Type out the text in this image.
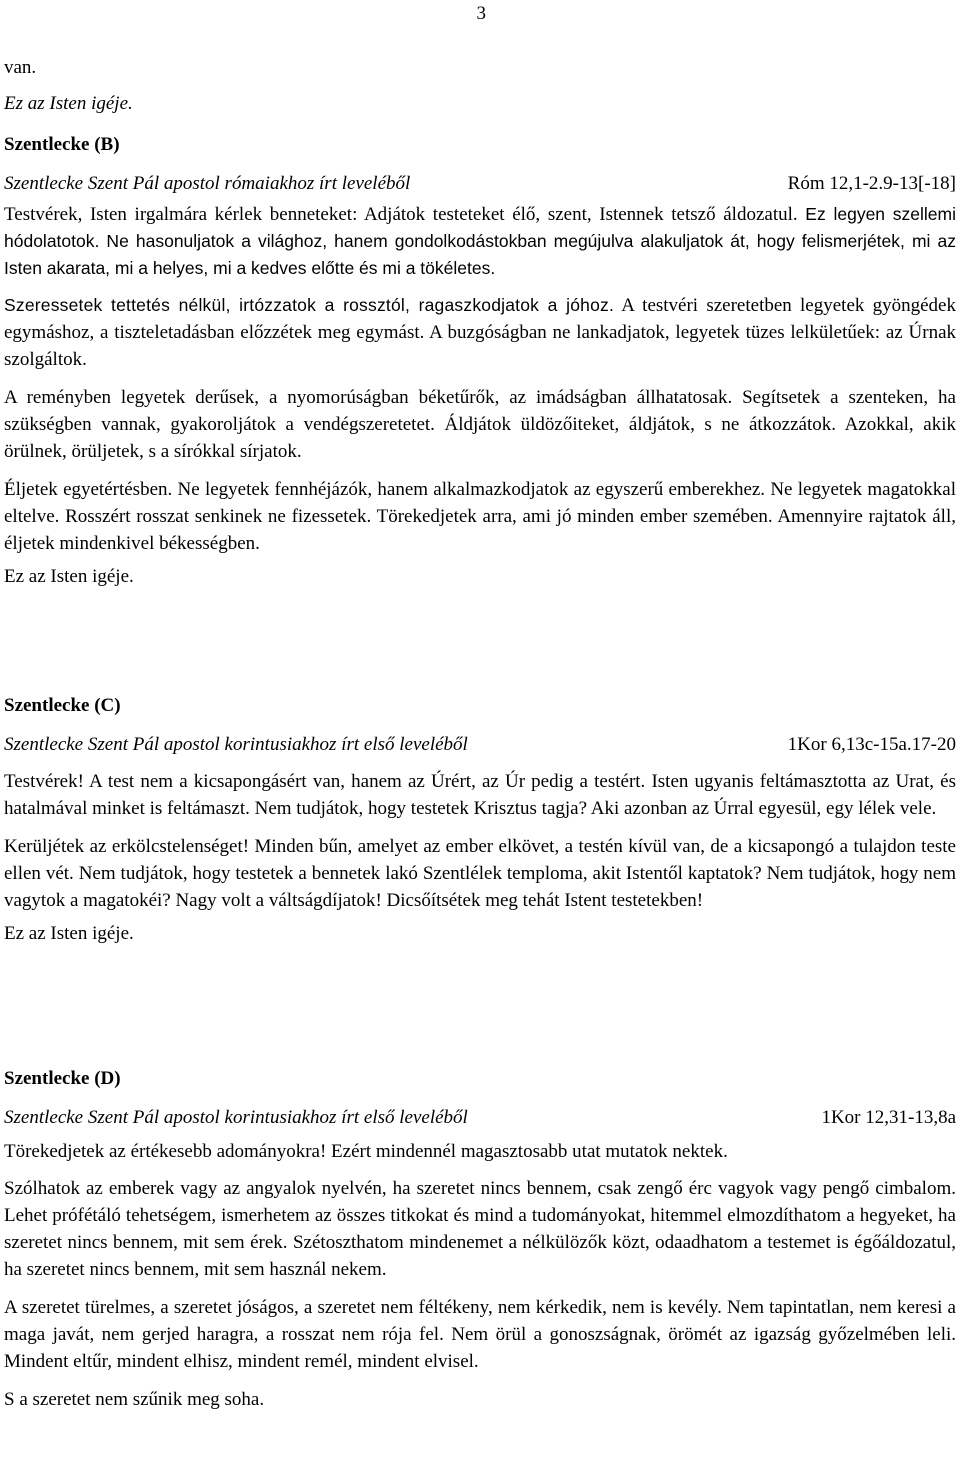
3

van.

Ez az Isten igéje.

Szentlecke (B)

Szentlecke Szent Pál apostol rómaiakhoz írt leveléből	Róm 12,1-2.9-13[-18]

Testvérek, Isten irgalmára kérlek benneteket: Adjátok testeteket élő, szent, Istennek tetsző áldozatul. Ez legyen szellemi hódolatotok. Ne hasonuljatok a világhoz, hanem gondolkodástokban megújulva alakuljatok át, hogy felismerjétek, mi az Isten akarata, mi a helyes, mi a kedves előtte és mi a tökéletes.

Szeressetek tettetés nélkül, irtózzatok a rossztól, ragaszkodjatok a jóhoz. A testvéri szeretetben legyetek gyöngédek egymáshoz, a tiszteletadásban előzzétek meg egymást. A buzgóságban ne lankadjatok, legyetek tüzes lelkületűek: az Úrnak szolgáltok.

A reményben legyetek derűsek, a nyomorúságban béketűrők, az imádságban állhatatosak. Segítsetek a szenteken, ha szükségben vannak, gyakoroljátok a vendégszeretetet. Áldjátok üldözőiteket, áldjátok, s ne átkozzátok. Azokkal, akik örülnek, örüljetek, s a sírókkal sírjatok.

Éljetek egyetértésben. Ne legyetek fennhéjázók, hanem alkalmazkodjatok az egyszerű emberekhez. Ne legyetek magatokkal eltelve. Rosszért rosszat senkinek ne fizessetek. Törekedjetek arra, ami jó minden ember szemében. Amennyire rajtatok áll, éljetek mindenkivel békességben.

Ez az Isten igéje.

Szentlecke (C)

Szentlecke Szent Pál apostol korintusiakhoz írt első leveléből	1Kor 6,13c-15a.17-20

Testvérek! A test nem a kicsapongásért van, hanem az Úrért, az Úr pedig a testért. Isten ugyanis feltámasztotta az Urat, és hatalmával minket is feltámaszt. Nem tudjátok, hogy testetek Krisztus tagja? Aki azonban az Úrral egyesül, egy lélek vele.

Kerüljétek az erkölcstelenséget! Minden bűn, amelyet az ember elkövet, a testén kívül van, de a kicsapongó a tulajdon teste ellen vét. Nem tudjátok, hogy testetek a bennetek lakó Szentlélek temploma, akit Istentől kaptatok? Nem tudjátok, hogy nem vagytok a magatokéi? Nagy volt a váltságdíjatok! Dicsőítsétek meg tehát Istent testetekben!

Ez az Isten igéje.

Szentlecke (D)

Szentlecke Szent Pál apostol korintusiakhoz írt első leveléből	1Kor 12,31-13,8a

Törekedjetek az értékesebb adományokra! Ezért mindennél magasztosabb utat mutatok nektek.

Szólhatok az emberek vagy az angyalok nyelvén, ha szeretet nincs bennem, csak zengő érc vagyok vagy pengő cimbalom. Lehet prófétáló tehetségem, ismerhetem az összes titkokat és mind a tudományokat, hitemmel elmozdíthatom a hegyeket, ha szeretet nincs bennem, mit sem érek. Szétoszthatom mindenemet a nélkülözők közt, odaadhatom a testemet is égőáldozatul, ha szeretet nincs bennem, mit sem használ nekem.

A szeretet türelmes, a szeretet jóságos, a szeretet nem féltékeny, nem kérkedik, nem is kevély. Nem tapintatlan, nem keresi a maga javát, nem gerjed haragra, a rosszat nem rója fel. Nem örül a gonoszságnak, örömét az igazság győzelmében leli. Mindent eltűr, mindent elhisz, mindent remél, mindent elvisel.

S a szeretet nem szűnik meg soha.
